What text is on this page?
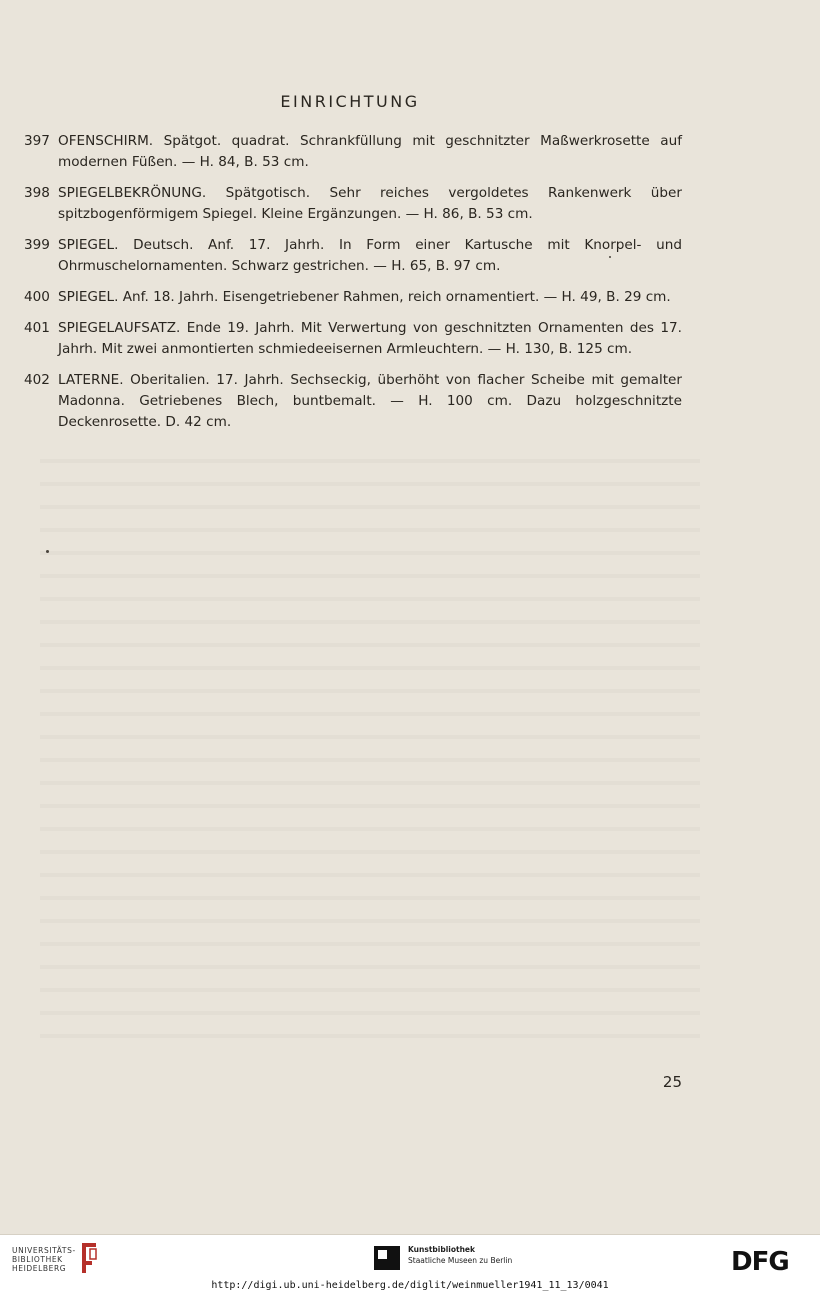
EINRICHTUNG
397 OFENSCHIRM. Spätgot. quadrat. Schrankfüllung mit geschnitzter Maßwerkrosette auf modernen Füßen. — H. 84, B. 53 cm.
398 SPIEGELBEKRÖNUNG. Spätgotisch. Sehr reiches vergoldetes Rankenwerk über spitzbogenförmigem Spiegel. Kleine Ergänzungen. — H. 86, B. 53 cm.
399 SPIEGEL. Deutsch. Anf. 17. Jahrh. In Form einer Kartusche mit Knorpel- und Ohrmuschelornamenten. Schwarz gestrichen. — H. 65, B. 97 cm.
400 SPIEGEL. Anf. 18. Jahrh. Eisengetriebener Rahmen, reich ornamentiert. — H. 49, B. 29 cm.
401 SPIEGELAUFSATZ. Ende 19. Jahrh. Mit Verwertung von geschnitzten Ornamenten des 17. Jahrh. Mit zwei anmontierten schmiedeeisernen Armleuchtern. — H. 130, B. 125 cm.
402 LATERNE. Oberitalien. 17. Jahrh. Sechseckig, überhöht von flacher Scheibe mit gemalter Madonna. Getriebenes Blech, buntbemalt. — H. 100 cm. Dazu holzgeschnitzte Deckenrosette. D. 42 cm.
25
UNIVERSITÄTS-
BIBLIOTHEK
HEIDELBERG
Kunstbibliothek
Staatliche Museen zu Berlin	DFG
http://digi.ub.uni-heidelberg.de/diglit/weinmueller1941_11_13/0041
